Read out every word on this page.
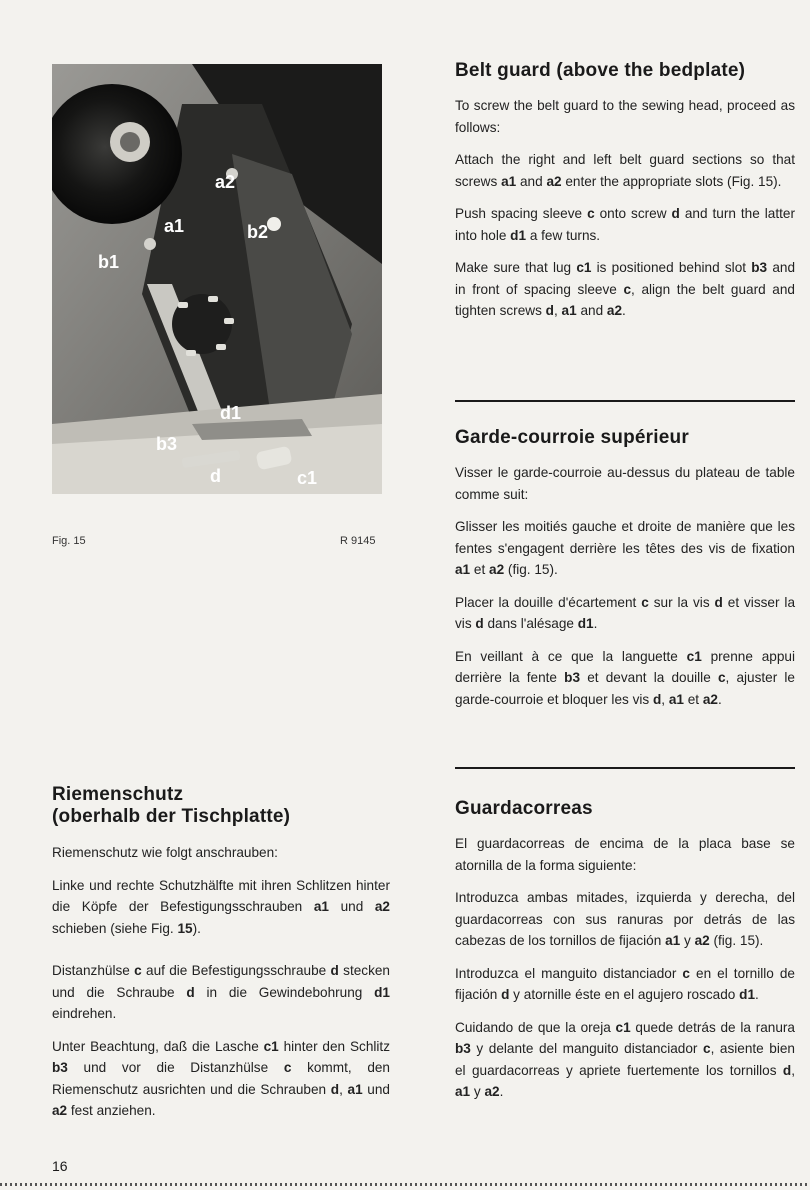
a2
a1
b1
b2
d1
b3
d	c1
Fig. 15	R 9145
Belt guard (above the bedplate)

To screw the belt guard to the sewing head, proceed as follows:

Attach the right and left belt guard sections so that screws a1 and a2 enter the appropriate slots (Fig. 15).

Push spacing sleeve c onto screw d and turn the latter into hole d1 a few turns.

Make sure that lug c1 is positioned behind slot b3 and in front of spacing sleeve c, align the belt guard and tighten screws d, a1 and a2.

Garde-courroie supérieur

Visser le garde-courroie au-dessus du plateau de table comme suit:

Glisser les moitiés gauche et droite de manière que les fentes s'engagent derrière les têtes des vis de fixation a1 et a2 (fig. 15).

Placer la douille d'écartement c sur la vis d et visser la vis d dans l'alésage d1.

En veillant à ce que la languette c1 prenne appui derrière la fente b3 et devant la douille c, ajuster le garde-courroie et bloquer les vis d, a1 et a2.

Riemenschutz
(oberhalb der Tischplatte)

Riemenschutz wie folgt anschrauben:

Linke und rechte Schutzhälfte mit ihren Schlitzen hinter die Köpfe der Befestigungsschrauben a1 und a2 schieben (siehe Fig. 15).

Distanzhülse c auf die Befestigungsschraube d stecken und die Schraube d in die Gewindebohrung d1 eindrehen.

Unter Beachtung, daß die Lasche c1 hinter den Schlitz b3 und vor die Distanzhülse c kommt, den Riemenschutz ausrichten und die Schrauben d, a1 und a2 fest anziehen.

Guardacorreas

El guardacorreas de encima de la placa base se atornilla de la forma siguiente:

Introduzca ambas mitades, izquierda y derecha, del guardacorreas con sus ranuras por detrás de las cabezas de los tornillos de fijación a1 y a2 (fig. 15).

Introduzca el manguito distanciador c en el tornillo de fijación d y atornille éste en el agujero roscado d1.

Cuidando de que la oreja c1 quede detrás de la ranura b3 y delante del manguito distanciador c, asiente bien el guardacorreas y apriete fuertemente los tornillos d, a1 y a2.

16
